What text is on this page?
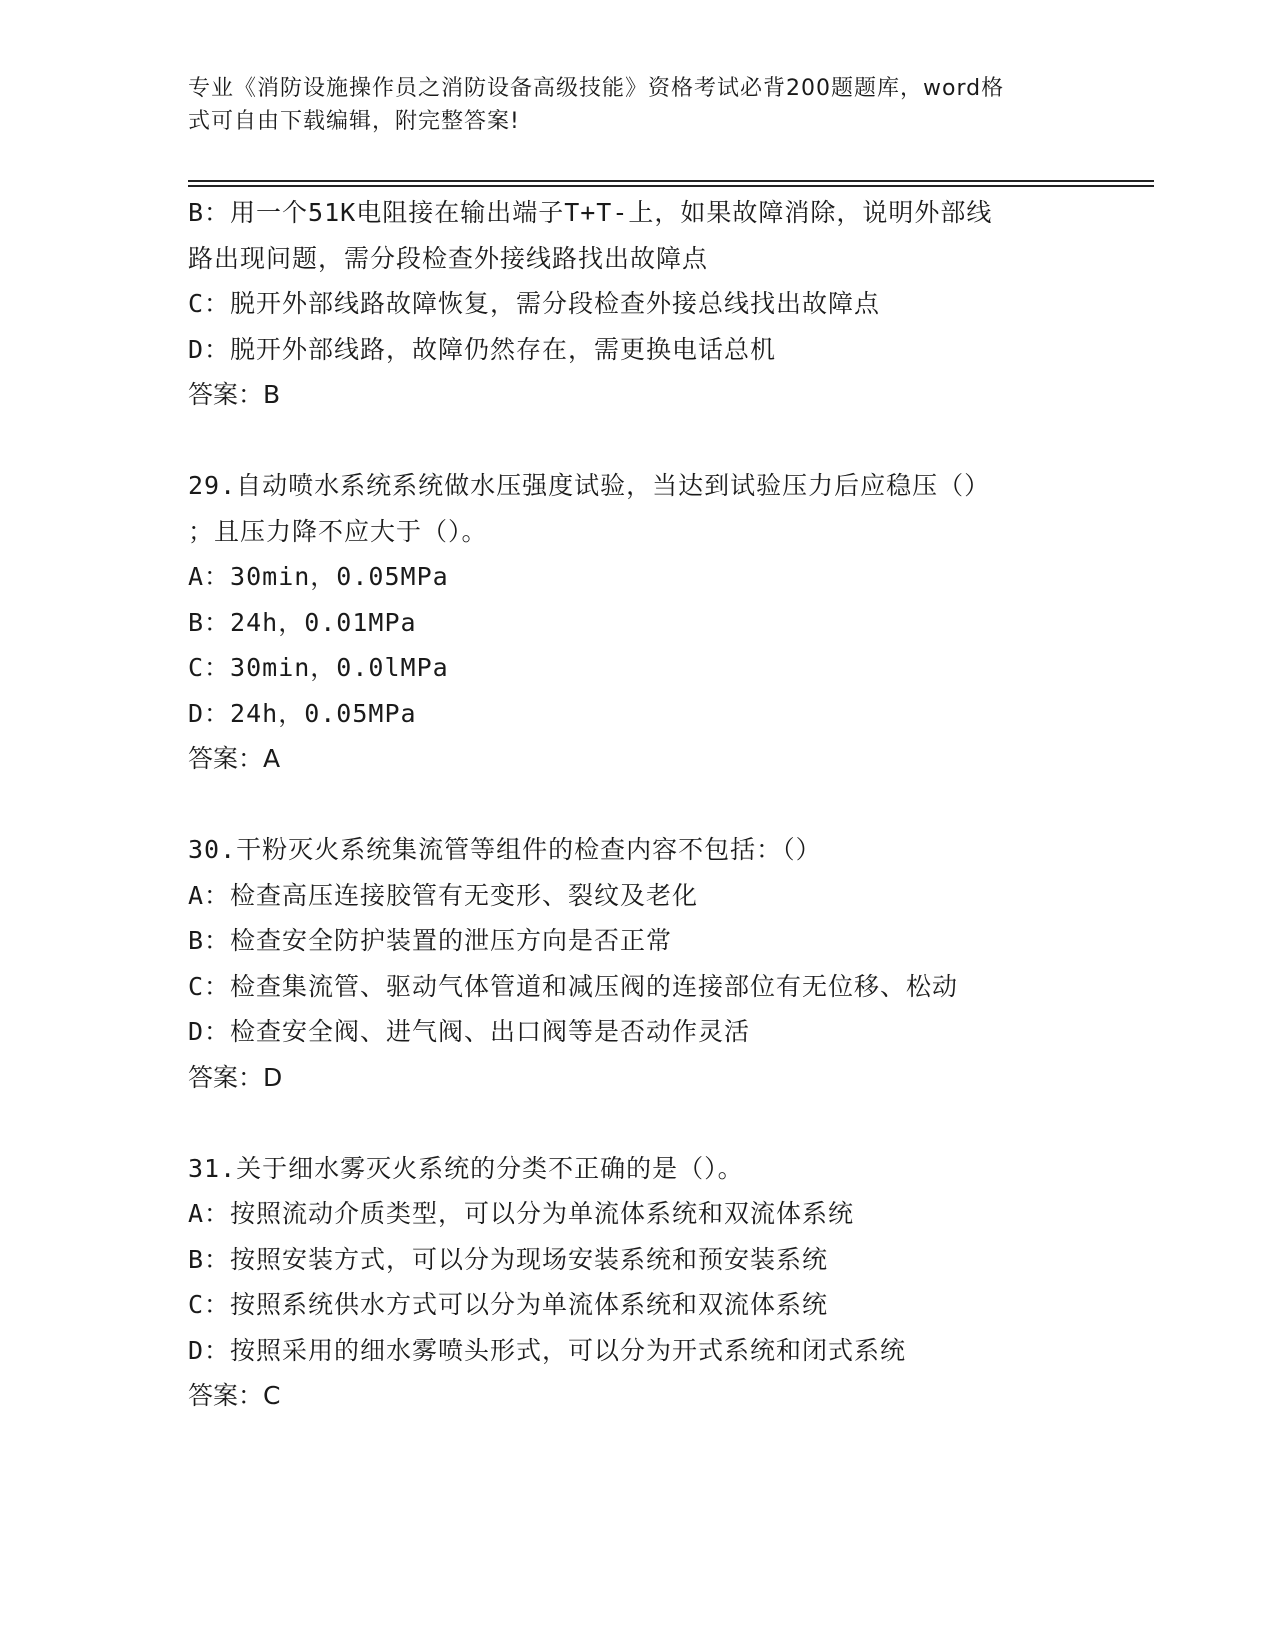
专业《消防设施操作员之消防设备高级技能》资格考试必背200题题库，word格
式可自由下载编辑，附完整答案!
B：用一个51K电阻接在输出端子T+T-上，如果故障消除，说明外部线
路出现问题，需分段检查外接线路找出故障点
C：脱开外部线路故障恢复，需分段检查外接总线找出故障点
D：脱开外部线路，故障仍然存在，需更换电话总机
答案：B
29.自动喷水系统系统做水压强度试验，当达到试验压力后应稳压（）
；且压力降不应大于（）。
A：30min，0.05MPa
B：24h，0.01MPa
C：30min，0.0lMPa
D：24h，0.05MPa
答案：A
30.干粉灭火系统集流管等组件的检查内容不包括：（）
A：检查高压连接胶管有无变形、裂纹及老化
B：检查安全防护装置的泄压方向是否正常
C：检查集流管、驱动气体管道和减压阀的连接部位有无位移、松动
D：检查安全阀、进气阀、出口阀等是否动作灵活
答案：D
31.关于细水雾灭火系统的分类不正确的是（）。
A：按照流动介质类型，可以分为单流体系统和双流体系统
B：按照安装方式，可以分为现场安装系统和预安装系统
C：按照系统供水方式可以分为单流体系统和双流体系统
D：按照采用的细水雾喷头形式，可以分为开式系统和闭式系统
答案：C
